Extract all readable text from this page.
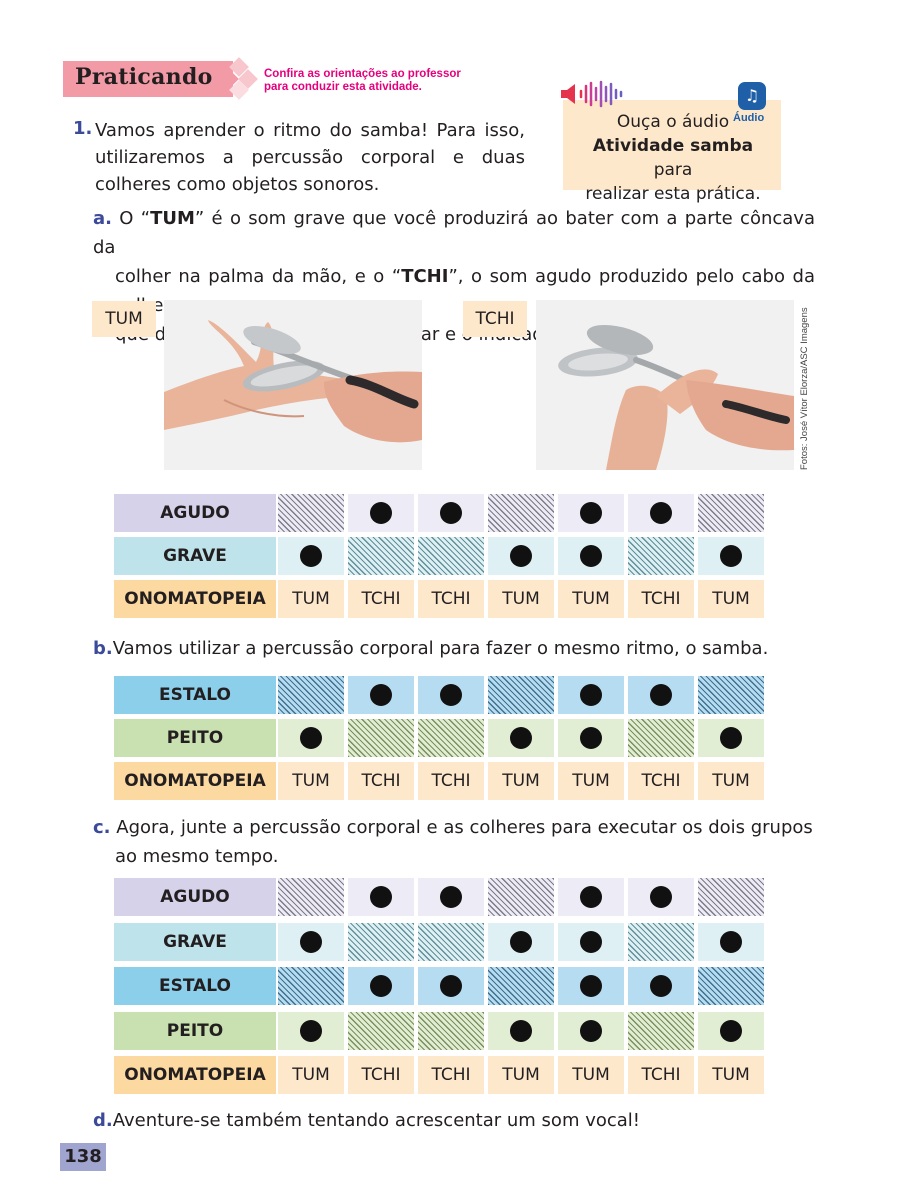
Praticando	Confira as orientações ao professor
para conduzir esta atividade.
Ouça o áudio
Atividade samba para
realizar esta prática.
♫
Áudio
1. Vamos aprender o ritmo do samba! Para isso, utilizaremos a percussão corporal e duas colheres como objetos sonoros.
a. O “TUM” é o som grave que você produzirá ao bater com a parte côncava da
colher na palma da mão, e o “TCHI”, o som agudo produzido pelo cabo da
e
TUM	TCHI	Fotos: José Vítor Elorza/ASC Imagens
AGUDO
GRAVE
ONOMATOPEIA	TUM	TCHI	TCHI	TUM	TUM	TCHI	TUM
b.Vamos utilizar a percussão corporal para fazer o mesmo ritmo, o samba.
ESTALO
PEITO
ONOMATOPEIA	TUM	TCHI	TCHI	TUM	TUM	TCHI	TUM
c. Agora, junte a percussão corporal e as colheres para executar os dois grupos
ao mesmo tempo.
AGUDO
GRAVE
ESTALO
PEITO
ONOMATOPEIA	TUM	TCHI	TCHI	TUM	TUM	TCHI	TUM
d.Aventure-se também tentando acrescentar um som vocal!
138
